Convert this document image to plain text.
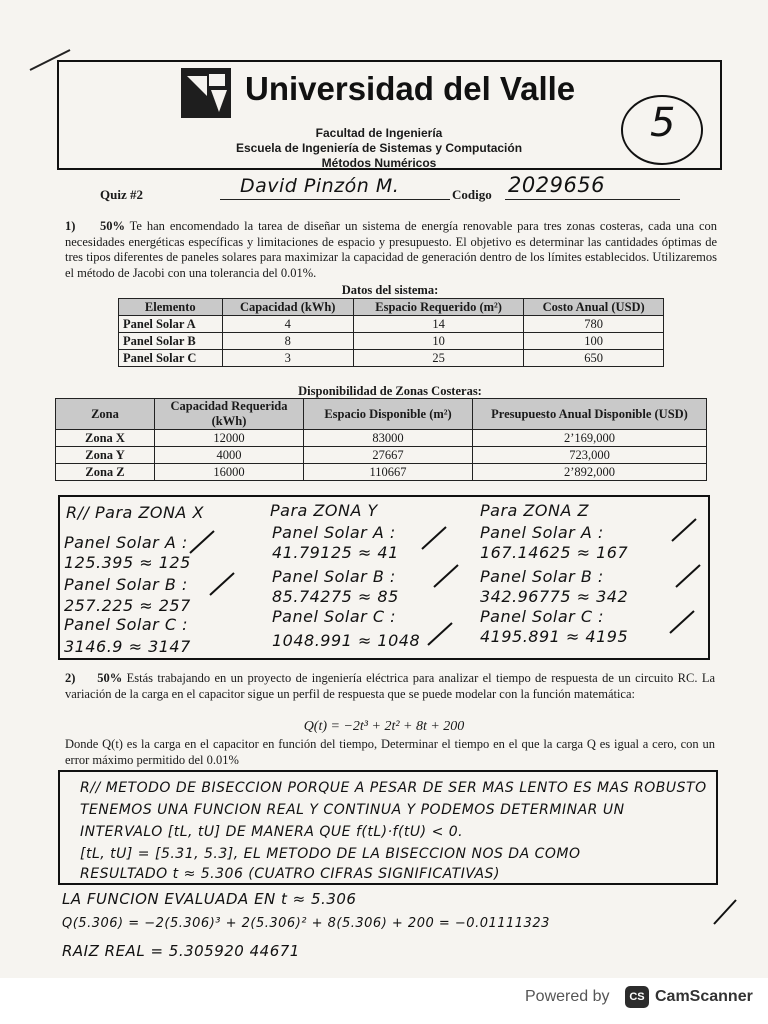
Universidad del Valle
Facultad de Ingeniería
Escuela de Ingeniería de Sistemas y Computación
Métodos Numéricos
5
Quiz #2	David Pinzón M.	Codigo 2029656
1) 50% Te han encomendado la tarea de diseñar un sistema de energía renovable para tres zonas costeras, cada una con necesidades energéticas específicas y limitaciones de espacio y presupuesto. El objetivo es determinar las cantidades óptimas de tres tipos diferentes de paneles solares para maximizar la capacidad de generación dentro de los límites establecidos. Utilizaremos el método de Jacobi con una tolerancia del 0.01%.
Datos del sistema:
Elemento	Capacidad (kWh)	Espacio Requerido (m²)	Costo Anual (USD)
Panel Solar A	4	14	780
Panel Solar B	8	10	100
Panel Solar C	3	25	650
Disponibilidad de Zonas Costeras:
Zona	Capacidad Requerida (kWh)	Espacio Disponible (m²)	Presupuesto Anual Disponible (USD)
Zona X	12000	83000	2’169,000
Zona Y	4000	27667	723,000
Zona Z	16000	110667	2’892,000
R// Para ZONA X
Panel Solar A :
125.395 ≈ 125
Panel Solar B :
257.225 ≈ 257
Panel Solar C :
3146.9 ≈ 3147
Para ZONA Y
Panel Solar A :
41.79125 ≈ 41
Panel Solar B :
85.74275 ≈ 85
Panel Solar C :
1048.991 ≈ 1048
Para ZONA Z
Panel Solar A :
167.14625 ≈ 167
Panel Solar B :
342.96775 ≈ 342
Panel Solar C :
4195.891 ≈ 4195
2) 50% Estás trabajando en un proyecto de ingeniería eléctrica para analizar el tiempo de respuesta de un circuito RC. La variación de la carga en el capacitor sigue un perfil de respuesta que se puede modelar con la función matemática:
Q(t) = −2t³ + 2t² + 8t + 200
Donde Q(t) es la carga en el capacitor en función del tiempo, Determinar el tiempo en el que la carga Q es igual a cero, con un error máximo permitido del 0.01%
R// METODO DE BISECCION PORQUE A PESAR DE SER MAS LENTO ES MAS ROBUSTO
TENEMOS UNA FUNCION REAL Y CONTINUA Y PODEMOS DETERMINAR UN
INTERVALO [tL, tU] DE MANERA QUE f(tL)·f(tU) < 0.
[tL, tU] = [5.31, 5.3], EL METODO DE LA BISECCION NOS DA COMO
RESULTADO t ≈ 5.306 (CUATRO CIFRAS SIGNIFICATIVAS)
LA FUNCION EVALUADA EN t ≈ 5.306
Q(5.306) = −2(5.306)³ + 2(5.306)² + 8(5.306) + 200 = −0.01111323
RAIZ REAL = 5.305920 44671
Powered by	CS CamScanner
